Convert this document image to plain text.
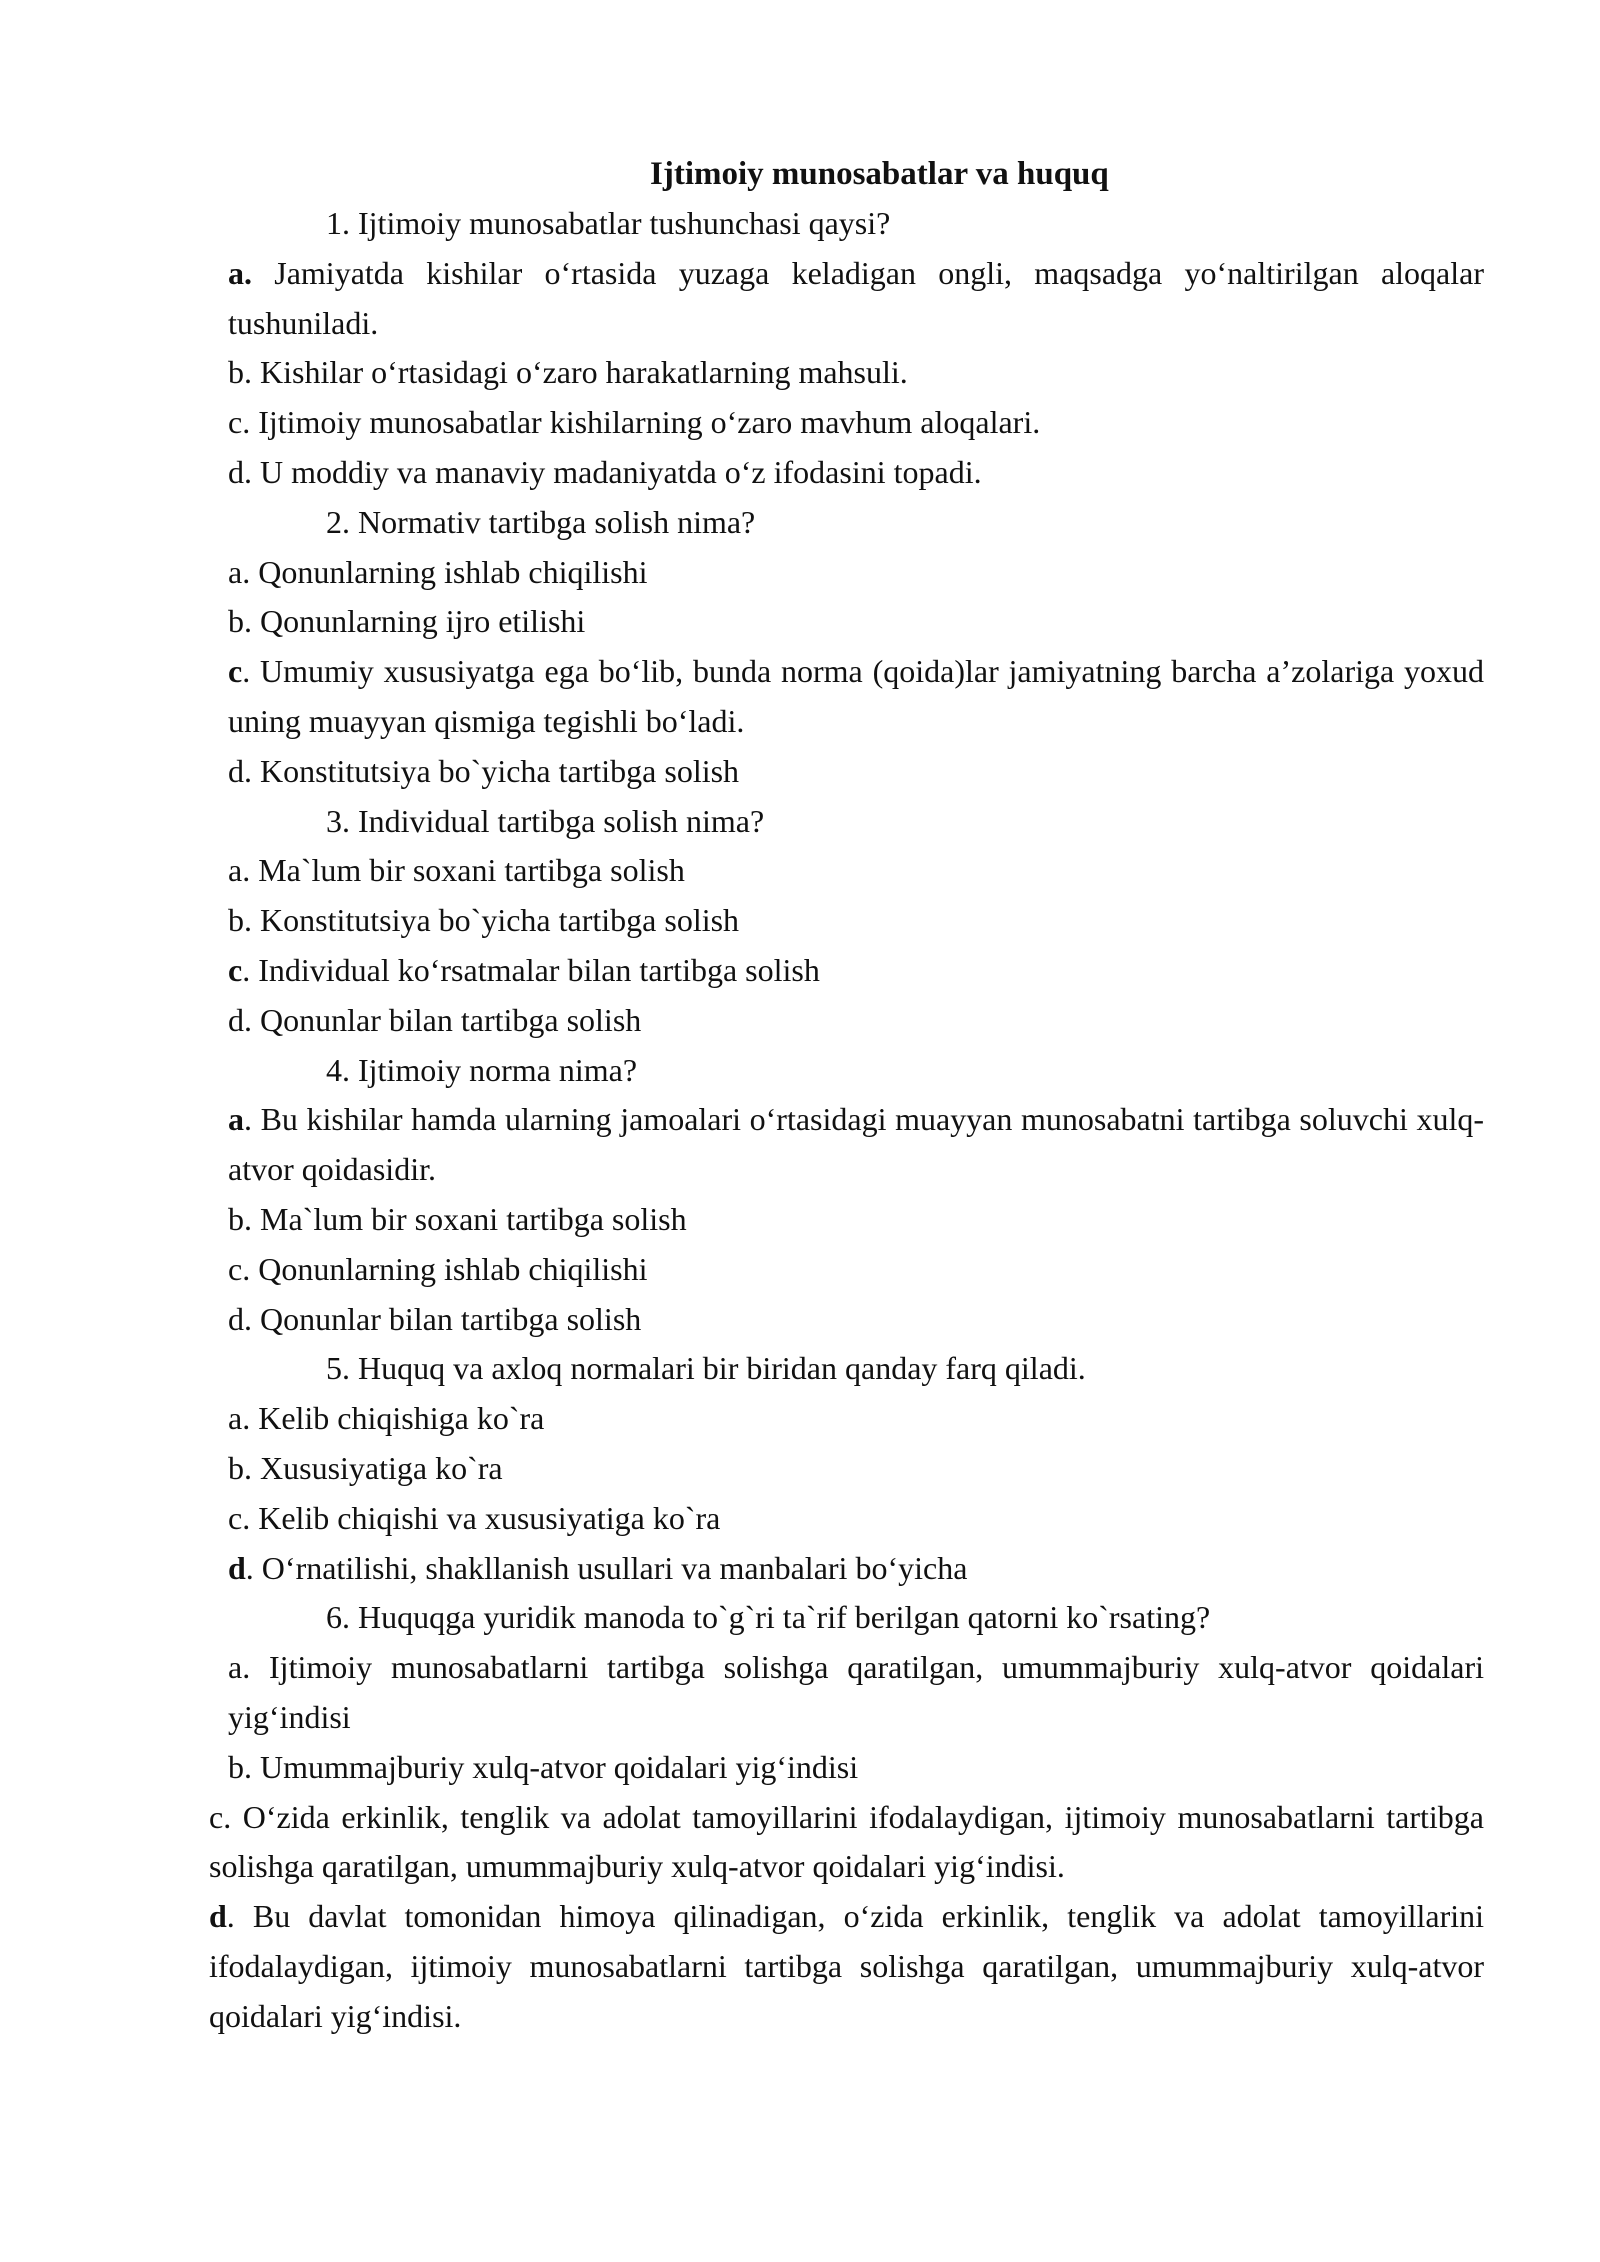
Ijtimoiy munosabatlar va huquq

1. Ijtimoiy munosabatlar tushunchasi qaysi?

a. Jamiyatda kishilar o‘rtasida yuzaga keladigan ongli, maqsadga yo‘naltirilgan aloqalar tushuniladi.

b. Kishilar o‘rtasidagi o‘zaro harakatlarning mahsuli.

c. Ijtimoiy munosabatlar kishilarning o‘zaro mavhum aloqalari.

d. U moddiy va manaviy madaniyatda o‘z ifodasini topadi.

2. Normativ tartibga solish nima?

a. Qonunlarning ishlab chiqilishi

b. Qonunlarning ijro etilishi

c. Umumiy xususiyatga ega bo‘lib, bunda norma (qoida)lar jamiyatning barcha a’zolariga yoxud uning muayyan qismiga tegishli bo‘ladi.

d. Konstitutsiya bo`yicha tartibga solish

3. Individual tartibga solish nima?

a. Ma`lum bir soxani tartibga solish

b. Konstitutsiya bo`yicha tartibga solish

c. Individual ko‘rsatmalar bilan tartibga solish

d. Qonunlar bilan tartibga solish

4. Ijtimoiy norma nima?

a. Bu kishilar hamda ularning jamoalari o‘rtasidagi muayyan munosabatni tartibga soluvchi xulq-atvor qoidasidir.

b. Ma`lum bir soxani tartibga solish

c. Qonunlarning ishlab chiqilishi

d. Qonunlar bilan tartibga solish

5. Huquq va axloq normalari bir biridan qanday farq qiladi.

a. Kelib chiqishiga ko`ra

b. Xususiyatiga ko`ra

c. Kelib chiqishi va xususiyatiga ko`ra

d. O‘rnatilishi, shakllanish usullari va manbalari bo‘yicha

6. Huquqga yuridik manoda to`g`ri ta`rif berilgan qatorni ko`rsating?

a. Ijtimoiy munosabatlarni tartibga solishga qaratilgan, umummajburiy xulq-atvor qoidalari yig‘indisi

b. Umummajburiy xulq-atvor qoidalari yig‘indisi

c. O‘zida erkinlik, tenglik va adolat tamoyillarini ifodalaydigan, ijtimoiy munosabatlarni tartibga solishga qaratilgan, umummajburiy xulq-atvor qoidalari yig‘indisi.

d. Bu davlat tomonidan himoya qilinadigan, o‘zida erkinlik, tenglik va adolat tamoyillarini ifodalaydigan, ijtimoiy munosabatlarni tartibga solishga qaratilgan, umummajburiy xulq-atvor qoidalari yig‘indisi.
